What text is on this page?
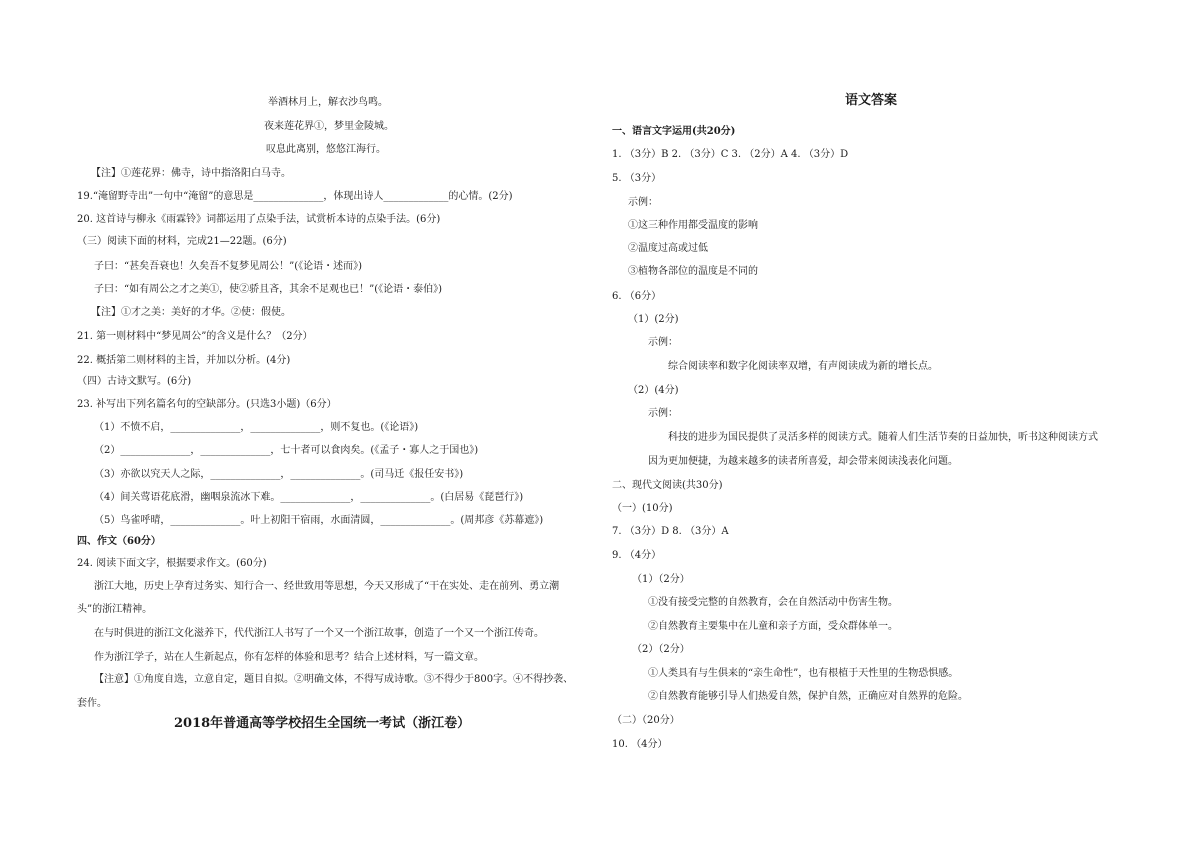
举酒林月上，解衣沙鸟鸣。
夜来莲花界①，梦里金陵城。
叹息此离别，悠悠江海行。
【注】①莲花界：佛寺，诗中指洛阳白马寺。
19.“淹留野寺出”一句中“淹留”的意思是______________，体现出诗人_____________的心情。(2分)
20. 这首诗与柳永《雨霖铃》词都运用了点染手法，试赏析本诗的点染手法。(6分)
（三）阅读下面的材料，完成21—22题。(6分)
子曰：“甚矣吾衰也！久矣吾不复梦见周公！”(《论语・述而》)
子曰：“如有周公之才之美①，使②骄且吝，其余不足观也已！”(《论语・泰伯》)
【注】①才之美：美好的才华。②使：假使。
21. 第一则材料中“梦见周公”的含义是什么？（2分）
22. 概括第二则材料的主旨，并加以分析。(4分)
（四）古诗文默写。(6分)
23. 补写出下列名篇名句的空缺部分。(只选3小题)（6分）
（1）不愤不启，______________，______________，则不复也。(《论语》)
（2）______________，______________，七十者可以食肉矣。(《孟子・寡人之于国也》)
（3）亦欲以究天人之际，______________，______________。(司马迁《报任安书》)
（4）间关莺语花底滑，幽咽泉流冰下难。______________，______________。(白居易《琵琶行》)
（5）鸟雀呼晴，______________。叶上初阳干宿雨，水面清圆，______________。(周邦彦《苏幕遮》)
四、作文（60分）
24. 阅读下面文字，根据要求作文。(60分)
浙江大地，历史上孕育过务实、知行合一、经世致用等思想，今天又形成了“干在实处、走在前列、勇立潮
头”的浙江精神。
在与时俱进的浙江文化滋养下，代代浙江人书写了一个又一个浙江故事，创造了一个又一个浙江传奇。
作为浙江学子，站在人生新起点，你有怎样的体验和思考？结合上述材料，写一篇文章。
【注意】①角度自选，立意自定，题目自拟。②明确文体，不得写成诗歌。③不得少于800字。④不得抄袭、
套作。
2018年普通高等学校招生全国统一考试（浙江卷）
语文答案
一、语言文字运用(共20分)
1. （3分）B 2. （3分）C 3. （2分）A 4. （3分）D
5. （3分）
示例：
①这三种作用都受温度的影响
②温度过高或过低
③植物各部位的温度是不同的
6. （6分）
（1）(2分)
示例：
综合阅读率和数字化阅读率双增，有声阅读成为新的增长点。
（2）(4分)
示例：
科技的进步为国民提供了灵活多样的阅读方式。随着人们生活节奏的日益加快，听书这种阅读方式
因为更加便捷，为越来越多的读者所喜爱，却会带来阅读浅表化问题。
二、现代文阅读(共30分)
（一）(10分)
7. （3分）D 8. （3分）A
9. （4分）
（1）（2分）
①没有接受完整的自然教育，会在自然活动中伤害生物。
②自然教育主要集中在儿童和亲子方面，受众群体单一。
（2）（2分）
①人类具有与生俱来的“亲生命性”，也有根植于天性里的生物恐惧感。
②自然教育能够引导人们热爱自然，保护自然，正确应对自然界的危险。
（二）（20分）
10. （4分）
